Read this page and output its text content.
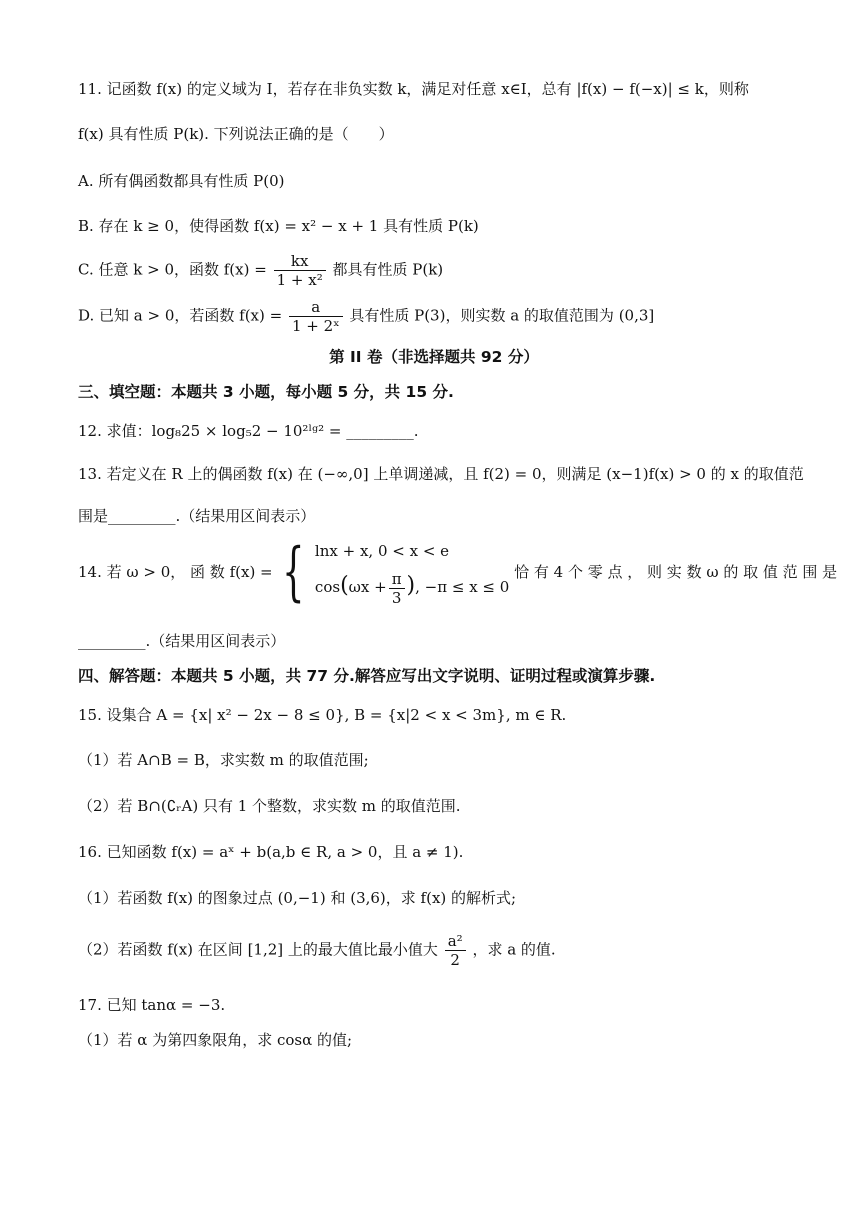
11. 记函数 f(x) 的定义域为 I，若存在非负实数 k，满足对任意 x∈I，总有 |f(x) − f(−x)| ≤ k，则称
f(x) 具有性质 P(k). 下列说法正确的是（　　）
A. 所有偶函数都具有性质 P(0)
B. 存在 k ≥ 0，使得函数 f(x) = x² − x + 1 具有性质 P(k)
C. 任意 k > 0，函数 $f(x) = \frac{kx}{\text{1 + x²}}$ 都具有性质 P(k)
D. 已知 a > 0，若函数 $f(x) = \frac{a}{\text{1 + 2ˣ}}$ 具有性质 P(3)，则实数 a 的取值范围为 (0,3]
第 II 卷（非选择题共 92 分）
三、填空题：本题共 3 小题，每小题 5 分，共 15 分.
12. 求值：log₈25 × log₅2 − 10²ˡᵍ² = _________.
13. 若定义在 R 上的偶函数 f(x) 在 (−∞,0] 上单调递减，且 f(2) = 0，则满足 (x−1)f(x) > 0 的 x 的取值范
围是_________.（结果用区间表示）
14. 若 ω > 0， 函 数 f(x) = { lnx + x, 0 < x < e
$\cos(\omega x + \frac{\pi}{3}$ ), −π ≤ x ≤ 0
恰 有 4 个 零 点 ， 则 实 数 ω 的 取 值 范 围 是
_________.（结果用区间表示）
四、解答题：本题共 5 小题，共 77 分.解答应写出文字说明、证明过程或演算步骤.
15. 设集合 A = {x| x² − 2x − 8 ≤ 0}, B = {x|2 < x < 3m}, m ∈ R.
（1）若 A∩B = B，求实数 m 的取值范围;
（2）若 B∩(∁ᵣA) 只有 1 个整数，求实数 m 的取值范围.
16. 已知函数 f(x) = aˣ + b(a,b ∈ R, a > 0，且 a ≠ 1).
（1）若函数 f(x) 的图象过点 (0,−1) 和 (3,6)，求 f(x) 的解析式;
（2）若函数 f(x) 在区间 [1,2] 上的最大值比最小值大 $\frac{\text{a²}}{2}$ ，求 a 的值.
17. 已知 tanα = −3.
（1）若 α 为第四象限角，求 cosα 的值;
